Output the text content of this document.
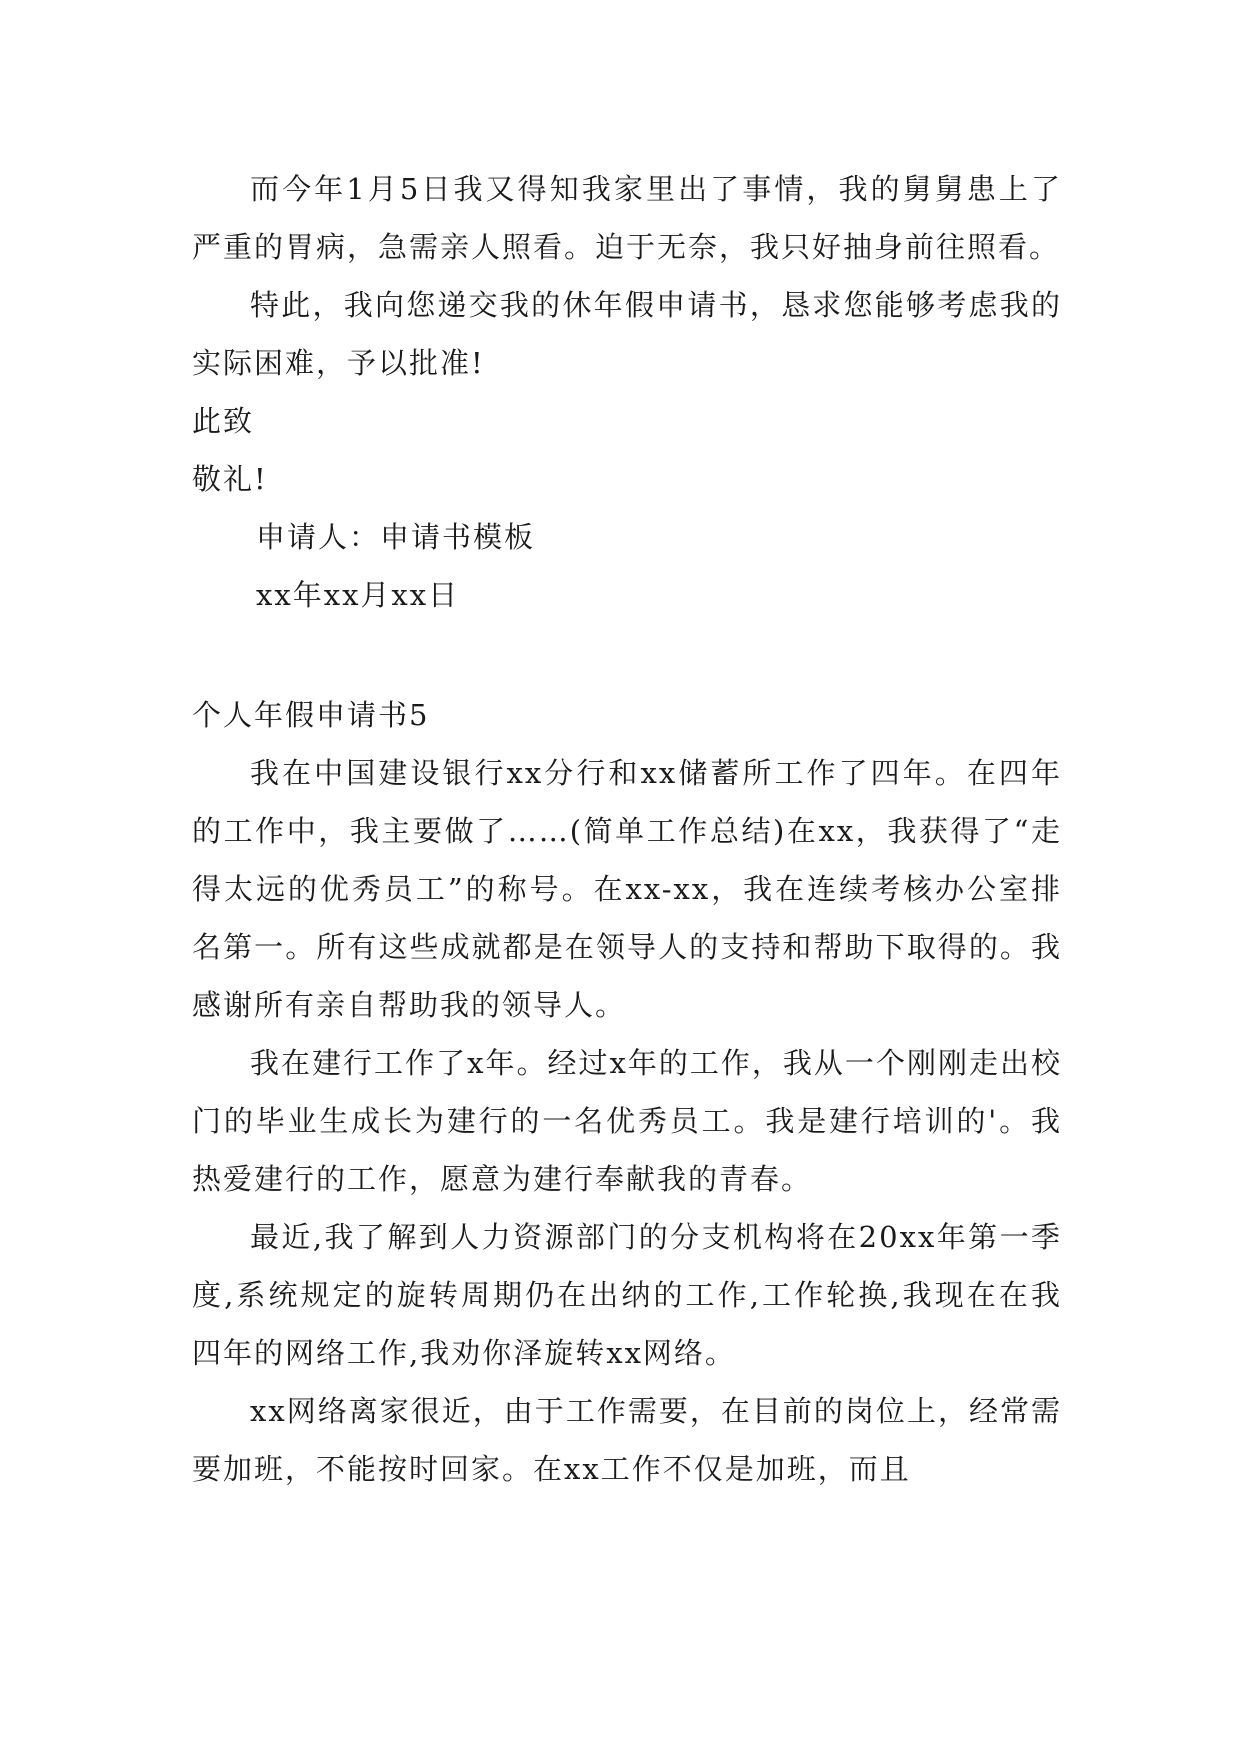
而今年1月5日我又得知我家里出了事情，我的舅舅患上了严重的胃病，急需亲人照看。迫于无奈，我只好抽身前往照看。

特此，我向您递交我的休年假申请书，恳求您能够考虑我的实际困难，予以批准!

此致

敬礼!

申请人：申请书模板

xx年xx月xx日

个人年假申请书5

我在中国建设银行xx分行和xx储蓄所工作了四年。在四年的工作中，我主要做了……(简单工作总结)在xx，我获得了“走得太远的优秀员工”的称号。在xx-xx，我在连续考核办公室排名第一。所有这些成就都是在领导人的支持和帮助下取得的。我感谢所有亲自帮助我的领导人。

我在建行工作了x年。经过x年的工作，我从一个刚刚走出校门的毕业生成长为建行的一名优秀员工。我是建行培训的'。我热爱建行的工作，愿意为建行奉献我的青春。

最近,我了解到人力资源部门的分支机构将在20xx年第一季度,系统规定的旋转周期仍在出纳的工作,工作轮换,我现在在我四年的网络工作,我劝你泽旋转xx网络。

xx网络离家很近，由于工作需要，在目前的岗位上，经常需要加班，不能按时回家。在xx工作不仅是加班，而且
